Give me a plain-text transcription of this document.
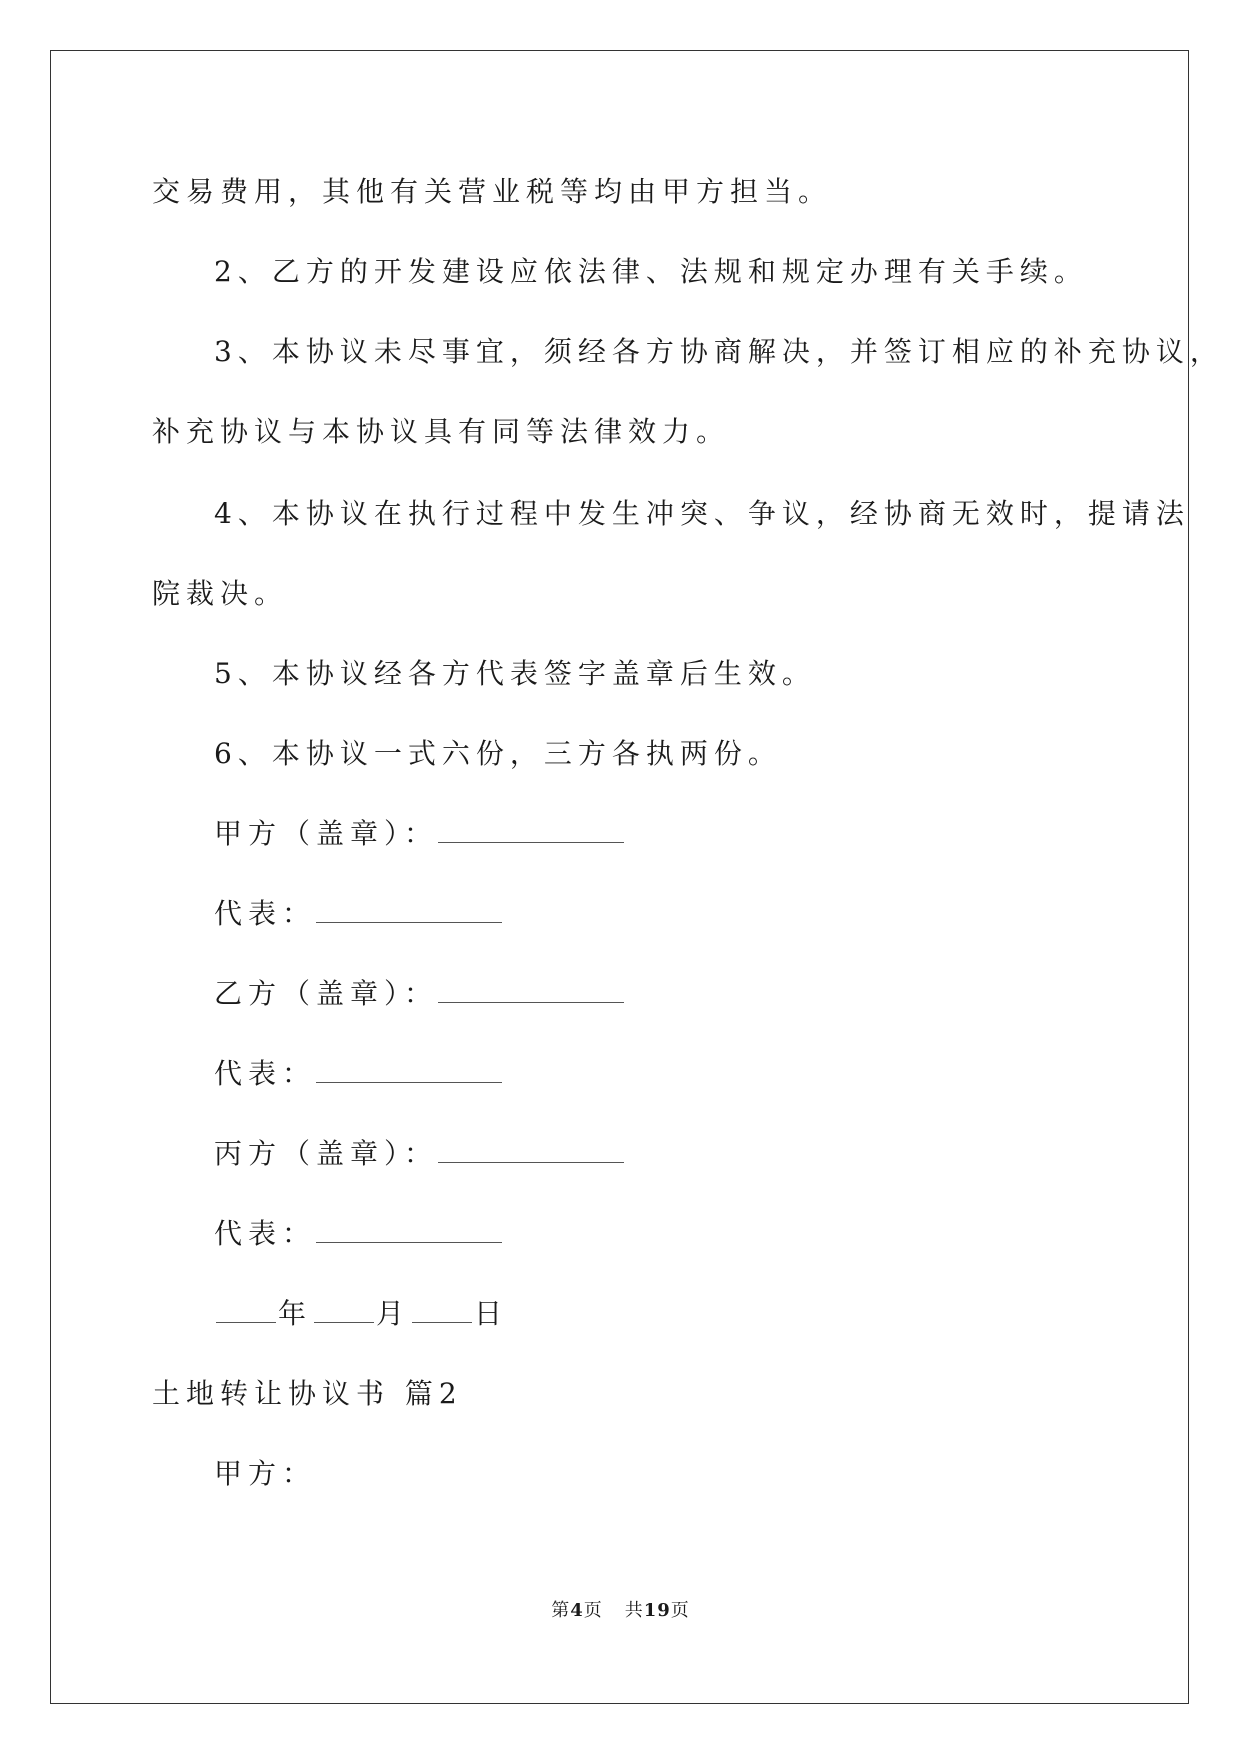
交易费用，其他有关营业税等均由甲方担当。
2、乙方的开发建设应依法律、法规和规定办理有关手续。
3、本协议未尽事宜，须经各方协商解决，并签订相应的补充协议，
补充协议与本协议具有同等法律效力。
4、本协议在执行过程中发生冲突、争议，经协商无效时，提请法
院裁决。
5、本协议经各方代表签字盖章后生效。
6、本协议一式六份，三方各执两份。
甲方（盖章）：
代表：
乙方（盖章）：
代表：
丙方（盖章）：
代表：
年 月 日
土地转让协议书 篇2
甲方：
第4页 共19页
